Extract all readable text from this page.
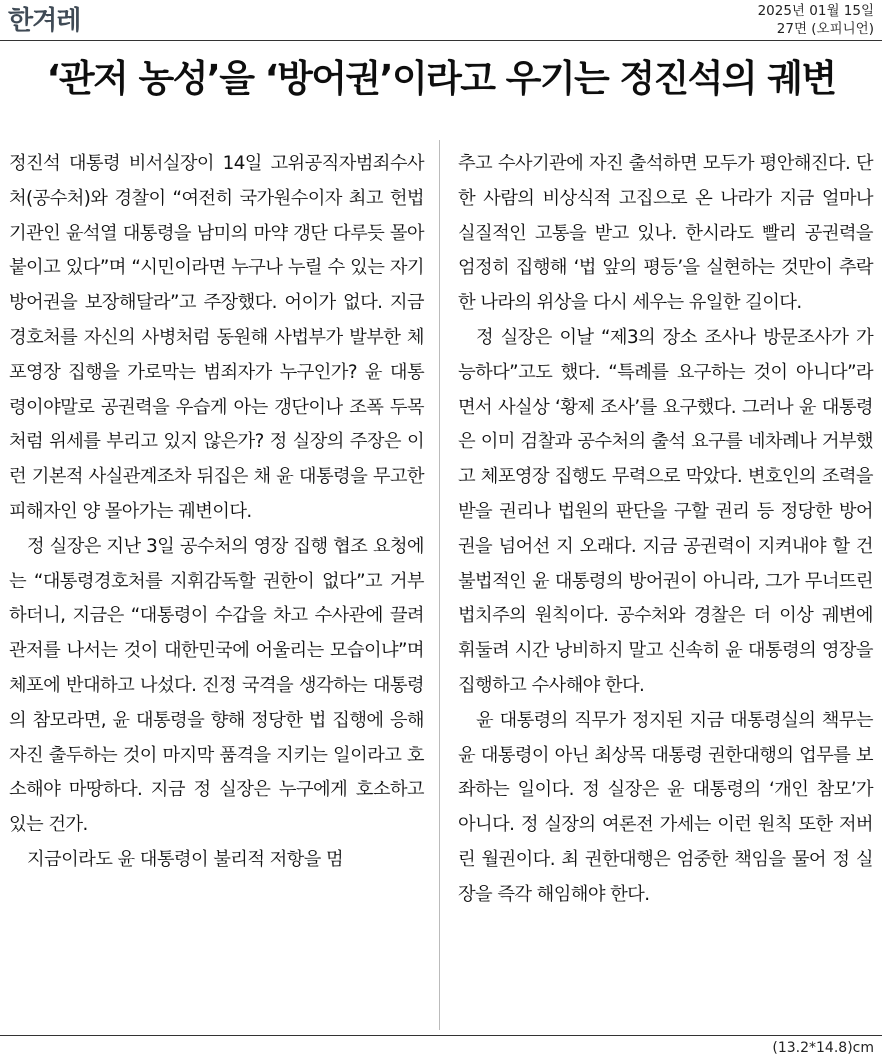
한겨레	2025년 01월 15일
27면 (오피니언)
‘관저 농성’을 ‘방어권’이라고 우기는 정진석의 궤변

정진석 대통령 비서실장이 14일 고위공직자범죄수사처(공수처)와 경찰이 “여전히 국가원수이자 최고 헌법기관인 윤석열 대통령을 남미의 마약 갱단 다루듯 몰아붙이고 있다”며 “시민이라면 누구나 누릴 수 있는 자기방어권을 보장해달라”고 주장했다. 어이가 없다. 지금 경호처를 자신의 사병처럼 동원해 사법부가 발부한 체포영장 집행을 가로막는 범죄자가 누구인가? 윤 대통령이야말로 공권력을 우습게 아는 갱단이나 조폭 두목처럼 위세를 부리고 있지 않은가? 정 실장의 주장은 이런 기본적 사실관계조차 뒤집은 채 윤 대통령을 무고한 피해자인 양 몰아가는 궤변이다.

정 실장은 지난 3일 공수처의 영장 집행 협조 요청에는 “대통령경호처를 지휘감독할 권한이 없다”고 거부하더니, 지금은 “대통령이 수갑을 차고 수사관에 끌려 관저를 나서는 것이 대한민국에 어울리는 모습이냐”며 체포에 반대하고 나섰다. 진정 국격을 생각하는 대통령의 참모라면, 윤 대통령을 향해 정당한 법 집행에 응해 자진 출두하는 것이 마지막 품격을 지키는 일이라고 호소해야 마땅하다. 지금 정 실장은 누구에게 호소하고 있는 건가.

지금이라도 윤 대통령이 불리적 저항을 멈

추고 수사기관에 자진 출석하면 모두가 평안해진다. 단 한 사람의 비상식적 고집으로 온 나라가 지금 얼마나 실질적인 고통을 받고 있나. 한시라도 빨리 공권력을 엄정히 집행해 ‘법 앞의 평등’을 실현하는 것만이 추락한 나라의 위상을 다시 세우는 유일한 길이다.

정 실장은 이날 “제3의 장소 조사나 방문조사가 가능하다”고도 했다. “특례를 요구하는 것이 아니다”라면서 사실상 ‘황제 조사’를 요구했다. 그러나 윤 대통령은 이미 검찰과 공수처의 출석 요구를 네차례나 거부했고 체포영장 집행도 무력으로 막았다. 변호인의 조력을 받을 권리나 법원의 판단을 구할 권리 등 정당한 방어권을 넘어선 지 오래다. 지금 공권력이 지켜내야 할 건 불법적인 윤 대통령의 방어권이 아니라, 그가 무너뜨린 법치주의 원칙이다. 공수처와 경찰은 더 이상 궤변에 휘둘려 시간 낭비하지 말고 신속히 윤 대통령의 영장을 집행하고 수사해야 한다.

윤 대통령의 직무가 정지된 지금 대통령실의 책무는 윤 대통령이 아닌 최상목 대통령 권한대행의 업무를 보좌하는 일이다. 정 실장은 윤 대통령의 ‘개인 참모’가 아니다. 정 실장의 여론전 가세는 이런 원칙 또한 저버린 월권이다. 최 권한대행은 엄중한 책임을 물어 정 실장을 즉각 해임해야 한다.

(13.2*14.8)cm
